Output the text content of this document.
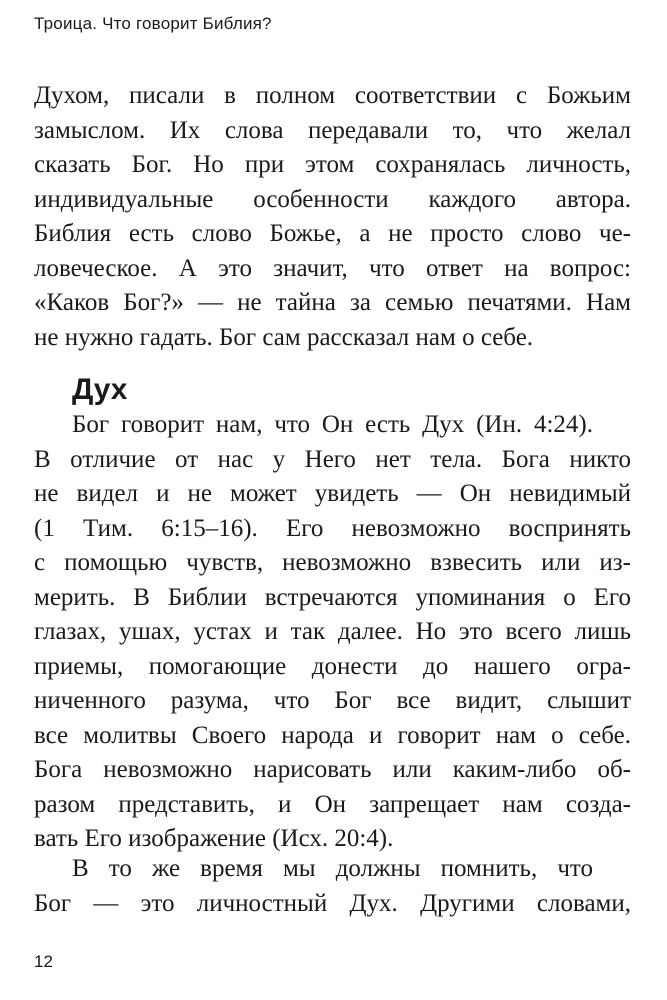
Троица. Что говорит Библия?
Духом, писали в полном соответствии с Божьим
замыслом. Их слова передавали то, что желал
сказать Бог. Но при этом сохранялась личность,
индивидуальные особенности каждого автора.
Библия есть слово Божье, а не просто слово че-
ловеческое. А это значит, что ответ на вопрос:
«Каков Бог?» — не тайна за семью печатями. Нам
не нужно гадать. Бог сам рассказал нам о себе.
Дух
Бог говорит нам, что Он есть Дух (Ин. 4:24).
В отличие от нас у Него нет тела. Бога никто
не видел и не может увидеть — Он невидимый
(1 Тим. 6:15–16). Его невозможно воспринять
с помощью чувств, невозможно взвесить или из-
мерить. В Библии встречаются упоминания о Его
глазах, ушах, устах и так далее. Но это всего лишь
приемы, помогающие донести до нашего огра-
ниченного разума, что Бог все видит, слышит
все молитвы Своего народа и говорит нам о себе.
Бога невозможно нарисовать или каким-либо об-
разом представить, и Он запрещает нам созда-
вать Его изображение (Исх. 20:4).
В то же время мы должны помнить, что
Бог — это личностный Дух. Другими словами,
12
